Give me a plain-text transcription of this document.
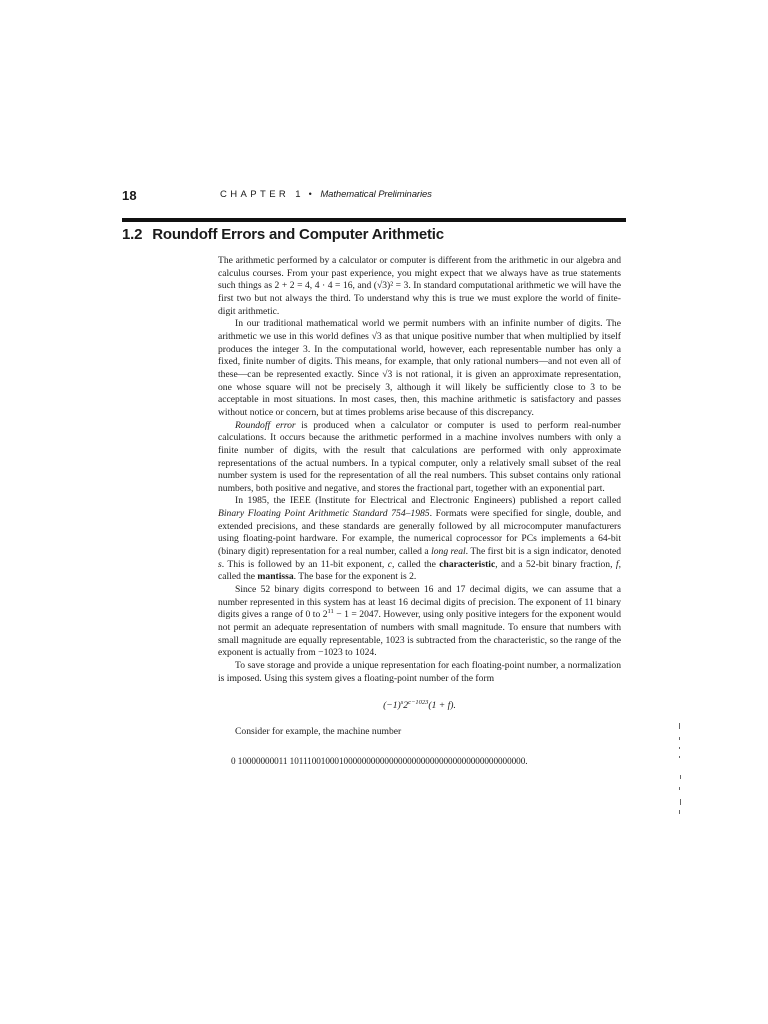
18	CHAPTER 1 • Mathematical Preliminaries
1.2 Roundoff Errors and Computer Arithmetic

The arithmetic performed by a calculator or computer is different from the arithmetic in our algebra and calculus courses. From your past experience, you might expect that we always have as true statements such things as 2 + 2 = 4, 4 · 4 = 16, and (√3)² = 3. In standard computational arithmetic we will have the first two but not always the third. To understand why this is true we must explore the world of finite-digit arithmetic.

In our traditional mathematical world we permit numbers with an infinite number of digits. The arithmetic we use in this world defines √3 as that unique positive number that when multiplied by itself produces the integer 3. In the computational world, however, each representable number has only a fixed, finite number of digits. This means, for example, that only rational numbers—and not even all of these—can be represented exactly. Since √3 is not rational, it is given an approximate representation, one whose square will not be precisely 3, although it will likely be sufficiently close to 3 to be acceptable in most situations. In most cases, then, this machine arithmetic is satisfactory and passes without notice or concern, but at times problems arise because of this discrepancy.

Roundoff error is produced when a calculator or computer is used to perform real-number calculations. It occurs because the arithmetic performed in a machine involves numbers with only a finite number of digits, with the result that calculations are performed with only approximate representations of the actual numbers. In a typical computer, only a relatively small subset of the real number system is used for the representation of all the real numbers. This subset contains only rational numbers, both positive and negative, and stores the fractional part, together with an exponential part.

In 1985, the IEEE (Institute for Electrical and Electronic Engineers) published a report called Binary Floating Point Arithmetic Standard 754–1985. Formats were specified for single, double, and extended precisions, and these standards are generally followed by all microcomputer manufacturers using floating-point hardware. For example, the numerical coprocessor for PCs implements a 64-bit (binary digit) representation for a real number, called a long real. The first bit is a sign indicator, denoted s. This is followed by an 11-bit exponent, c, called the characteristic, and a 52-bit binary fraction, f, called the mantissa. The base for the exponent is 2.

Since 52 binary digits correspond to between 16 and 17 decimal digits, we can assume that a number represented in this system has at least 16 decimal digits of precision. The exponent of 11 binary digits gives a range of 0 to $2^{11} - 1 = 2047$. However, using only positive integers for the exponent would not permit an adequate representation of numbers with small magnitude. To ensure that numbers with small magnitude are equally representable, 1023 is subtracted from the characteristic, so the range of the exponent is actually from −1023 to 1024.

To save storage and provide a unique representation for each floating-point number, a normalization is imposed. Using this system gives a floating-point number of the form

$(-1)^s2^{c-1023}(1 + f)$.

Consider for example, the machine number

0 10000000011 1011100100010000000000000000000000000000000000000000.
